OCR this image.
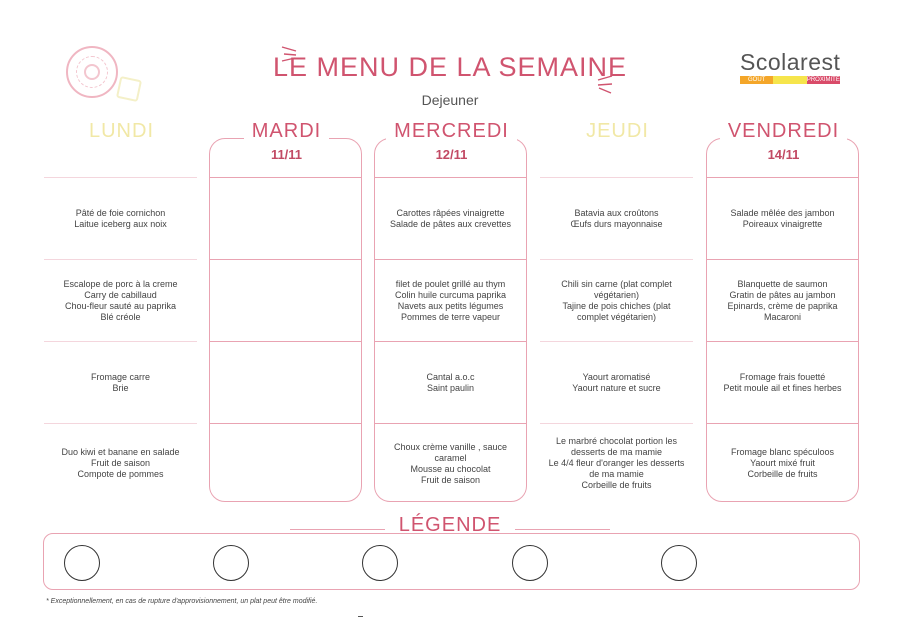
LE MENU DE LA SEMAINE
Dejeuner
Scolarest
GOÛT	PROXIMITÉ
LUNDI
Pâté de foie cornichon
Laitue iceberg aux noix
Escalope de porc à la creme
Carry de cabillaud
Chou-fleur sauté au paprika
Blé créole
Fromage carre
Brie
Duo kiwi et banane en salade
Fruit de saison
Compote de pommes
MARDI
11/11
MERCREDI
12/11
Carottes râpées vinaigrette
Salade de pâtes aux crevettes
filet de poulet grillé au thym
Colin huile curcuma paprika
Navets aux petits légumes
Pommes de terre vapeur
Cantal a.o.c
Saint paulin
Choux crème vanille , sauce
caramel
Mousse au chocolat
Fruit de saison
JEUDI
Batavia aux croûtons
Œufs durs mayonnaise
Chili sin carne (plat complet
végétarien)
Tajine de pois chiches (plat
complet végétarien)
Yaourt aromatisé
Yaourt nature et sucre
Le marbré chocolat portion les
desserts de ma mamie
Le 4/4 fleur d'oranger les desserts
de ma mamie
Corbeille de fruits
VENDREDI
14/11
Salade mêlée des jambon
Poireaux vinaigrette
Blanquette de saumon
Gratin de pâtes au jambon
Epinards, crème de paprika
Macaroni
Fromage frais fouetté
Petit moule ail et fines herbes
Fromage blanc spéculoos
Yaourt mixé fruit
Corbeille de fruits
LÉGENDE
* Exceptionnellement, en cas de rupture d'approvisionnement, un plat peut être modifié.
